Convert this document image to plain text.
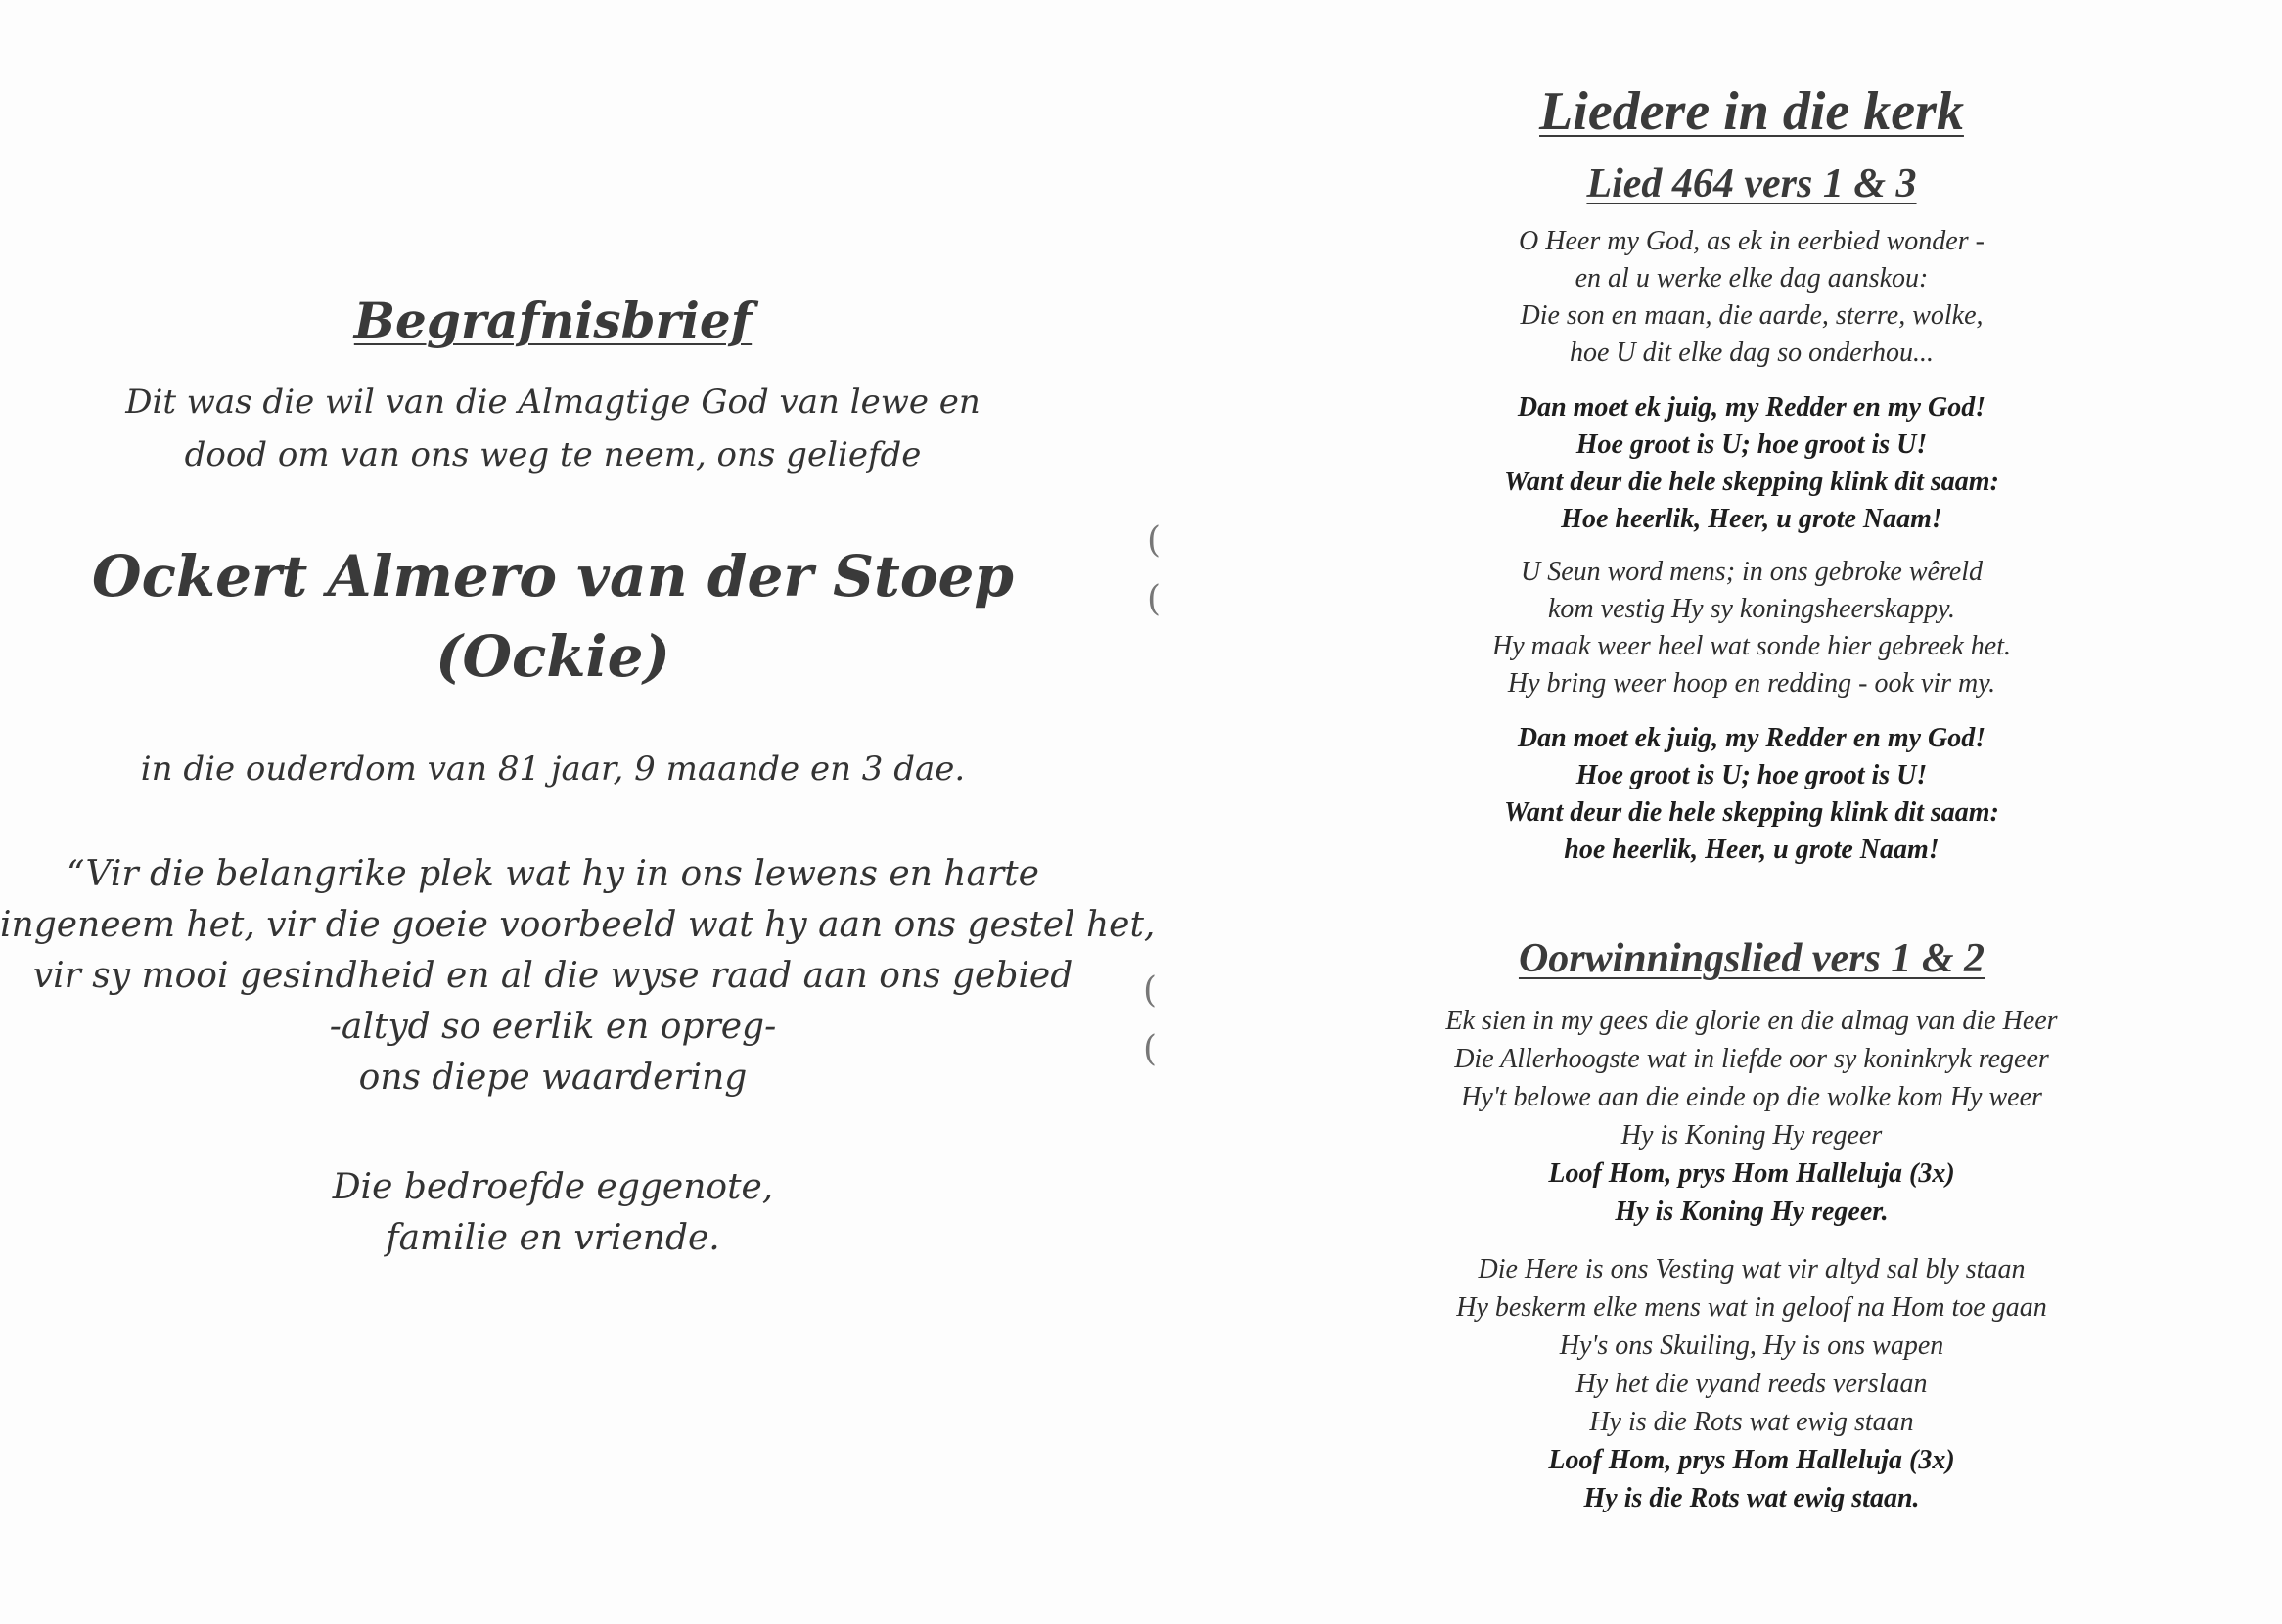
Begrafnisbrief
Dit was die wil van die Almagtige God van lewe en
dood om van ons weg te neem, ons geliefde
Ockert Almero van der Stoep
(Ockie)
in die ouderdom van 81 jaar, 9 maande en 3 dae.
“Vir die belangrike plek wat hy in ons lewens en harte
ingeneem het, vir die goeie voorbeeld wat hy aan ons gestel het,
vir sy mooi gesindheid en al die wyse raad aan ons gebied
-altyd so eerlik en opreg-
ons diepe waardering
Die bedroefde eggenote,
familie en vriende.
(
(
(
(
Liedere in die kerk
Lied 464 vers 1 & 3
O Heer my God, as ek in eerbied wonder -
en al u werke elke dag aanskou:
Die son en maan, die aarde, sterre, wolke,
hoe U dit elke dag so onderhou...
Dan moet ek juig, my Redder en my God!
Hoe groot is U; hoe groot is U!
Want deur die hele skepping klink dit saam:
Hoe heerlik, Heer, u grote Naam!
U Seun word mens; in ons gebroke wêreld
kom vestig Hy sy koningsheerskappy.
Hy maak weer heel wat sonde hier gebreek het.
Hy bring weer hoop en redding - ook vir my.
Dan moet ek juig, my Redder en my God!
Hoe groot is U; hoe groot is U!
Want deur die hele skepping klink dit saam:
hoe heerlik, Heer, u grote Naam!
Oorwinningslied vers 1 & 2
Ek sien in my gees die glorie en die almag van die Heer
Die Allerhoogste wat in liefde oor sy koninkryk regeer
Hy't belowe aan die einde op die wolke kom Hy weer
Hy is Koning Hy regeer
Loof Hom, prys Hom Halleluja (3x)
Hy is Koning Hy regeer.
Die Here is ons Vesting wat vir altyd sal bly staan
Hy beskerm elke mens wat in geloof na Hom toe gaan
Hy's ons Skuiling, Hy is ons wapen
Hy het die vyand reeds verslaan
Hy is die Rots wat ewig staan
Loof Hom, prys Hom Halleluja (3x)
Hy is die Rots wat ewig staan.
